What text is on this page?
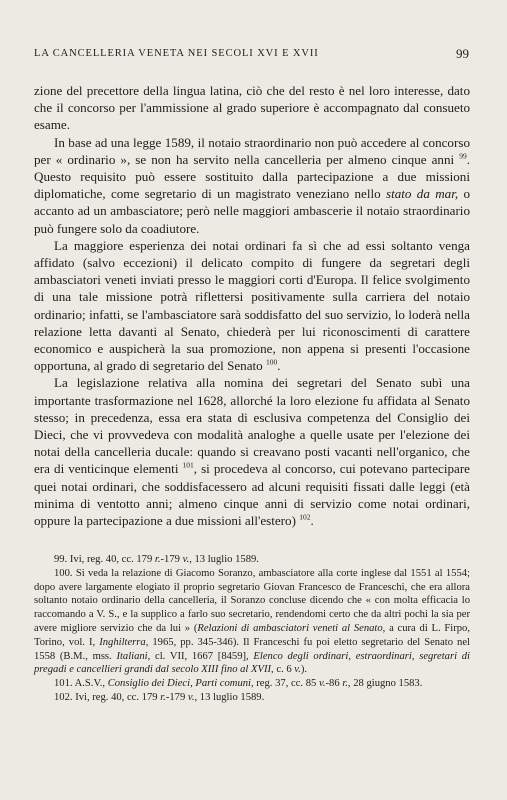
LA CANCELLERIA VENETA NEI SECOLI XVI E XVII	99

zione del precettore della lingua latina, ciò che del resto è nel loro interesse, dato che il concorso per l'ammissione al grado superiore è accompagnato dal consueto esame.

In base ad una legge 1589, il notaio straordinario non può accedere al concorso per « ordinario », se non ha servito nella cancelleria per almeno cinque anni $^{99}$. Questo requisito può essere sostituito dalla partecipazione a due missioni diplomatiche, come segretario di un magistrato veneziano nello stato da mar, o accanto ad un ambasciatore; però nelle maggiori ambascerie il notaio straordinario può fungere solo da coadiutore.

La maggiore esperienza dei notai ordinari fa sì che ad essi soltanto venga affidato (salvo eccezioni) il delicato compito di fungere da segretari degli ambasciatori veneti inviati presso le maggiori corti d'Europa. Il felice svolgimento di una tale missione potrà riflettersi positivamente sulla carriera del notaio ordinario; infatti, se l'ambasciatore sarà soddisfatto del suo servizio, lo loderà nella relazione letta davanti al Senato, chiederà per lui riconoscimenti di carattere economico e auspicherà la sua promozione, non appena si presenti l'occasione opportuna, al grado di segretario del Senato $^{100}$.

La legislazione relativa alla nomina dei segretari del Senato subì una importante trasformazione nel 1628, allorché la loro elezione fu affidata al Senato stesso; in precedenza, essa era stata di esclusiva competenza del Consiglio dei Dieci, che vi provvedeva con modalità analoghe a quelle usate per l'elezione dei notai della cancelleria ducale: quando si creavano posti vacanti nell'organico, che era di venticinque elementi $^{101}$, si procedeva al concorso, cui potevano partecipare quei notai ordinari, che soddisfacessero ad alcuni requisiti fissati dalle leggi (età minima di ventotto anni; almeno cinque anni di servizio come notai ordinari, oppure la partecipazione a due missioni all'estero) $^{102}$.

99. Ivi, reg. 40, cc. 179 r.-179 v., 13 luglio 1589.

100. Si veda la relazione di Giacomo Soranzo, ambasciatore alla corte inglese dal 1551 al 1554; dopo avere largamente elogiato il proprio segretario Giovan Francesco de Franceschi, che era allora soltanto notaio ordinario della cancelleria, il Soranzo concluse dicendo che « con molta efficacia lo raccomando a V. S., e la supplico a farlo suo secretario, rendendomi certo che da altri pochi la sia per avere migliore servizio che da lui » (Relazioni di ambasciatori veneti al Senato, a cura di L. Firpo, Torino, vol. I, Inghilterra, 1965, pp. 345-346). Il Franceschi fu poi eletto segretario del Senato nel 1558 (B.M., mss. Italiani, cl. VII, 1667 [8459], Elenco degli ordinari, estraordinari, segretari di pregadi e cancellieri grandi dal secolo XIII fino al XVII, c. 6 v.).

101. A.S.V., Consiglio dei Dieci, Parti comuni, reg. 37, cc. 85 v.-86 r., 28 giugno 1583.

102. Ivi, reg. 40, cc. 179 r.-179 v., 13 luglio 1589.
